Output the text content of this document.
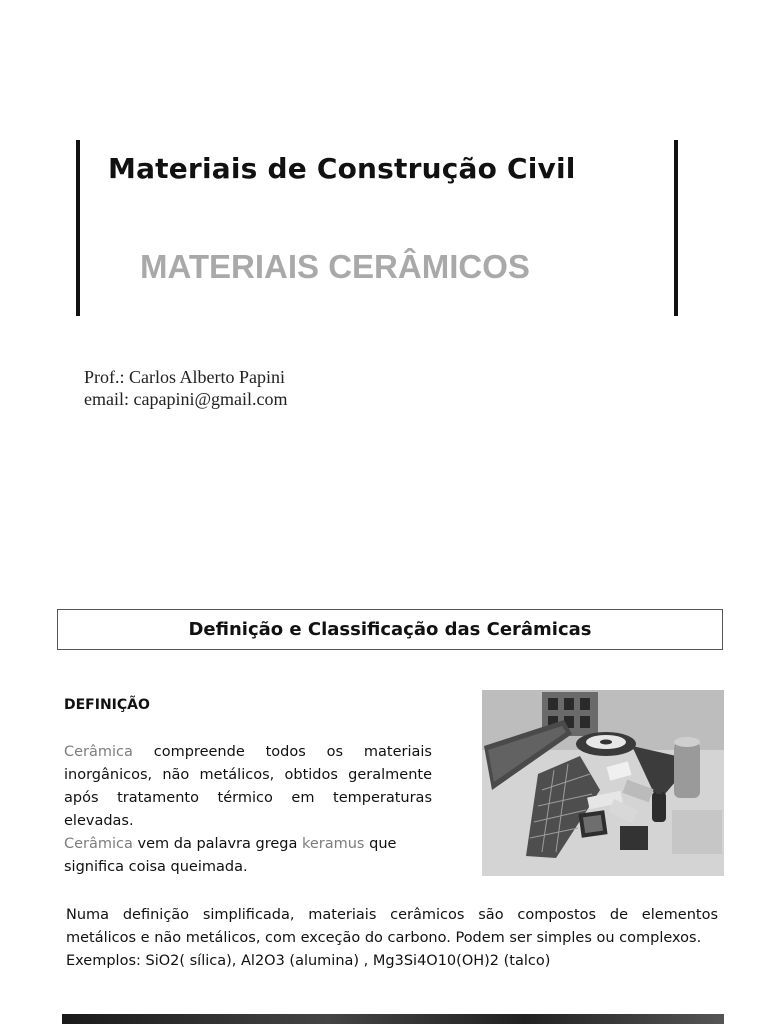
Materiais de Construção Civil
MATERIAIS CERÂMICOS
Prof.: Carlos Alberto Papini
email: capapini@gmail.com
Definição e Classificação das Cerâmicas
DEFINIÇÃO

Cerâmica compreende todos os materiais inorgânicos, não metálicos, obtidos geralmente após tratamento térmico em temperaturas elevadas.

Cerâmica vem da palavra grega keramus que significa coisa queimada.

Numa definição simplificada, materiais cerâmicos são compostos de elementos metálicos e não metálicos, com exceção do carbono. Podem ser simples ou complexos.

Exemplos: SiO2( sílica), Al2O3 (alumina) , Mg3Si4O10(OH)2 (talco)
